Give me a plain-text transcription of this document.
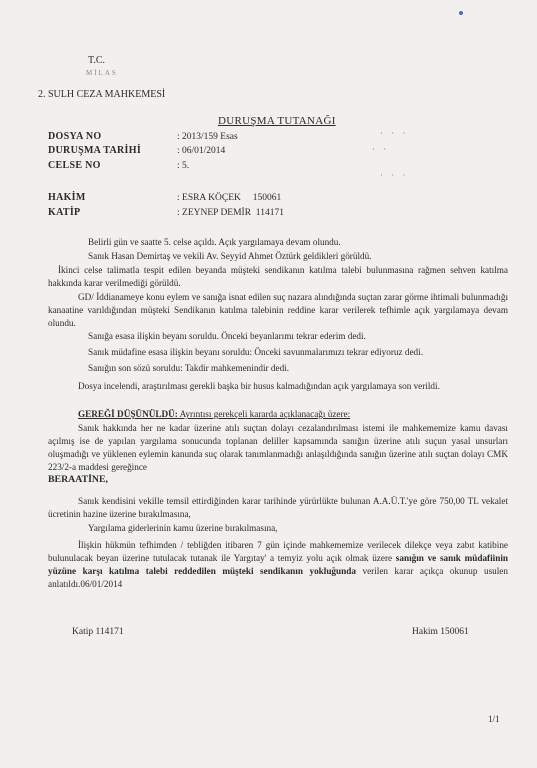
· · ·
· ·
· · ·
T.C.
MİLAS
2. SULH CEZA MAHKEMESİ
DURUŞMA TUTANAĞI
DOSYA NO	: 2013/159 Esas
DURUŞMA TARİHİ	: 06/01/2014
CELSE NO	: 5.
HAKİM	: ESRA KÖÇEK     150061
KATİP	: ZEYNEP DEMİR  114171
Belirli gün ve saatte 5. celse açıldı. Açık yargılamaya devam olundu.
Sanık Hasan Demirtaş ve vekili Av. Seyyid Ahmet Öztürk geldikleri görüldü.
İkinci celse talimatla tespit edilen beyanda müşteki sendikanın katılma talebi bulunmasına rağmen sehven katılma hakkında karar verilmediği görüldü.
GD/ İddianameye konu eylem ve sanığa isnat edilen suç nazara alındığında suçtan zarar görme ihtimali bulunmadığı kanaatine varıldığından müşteki Sendikanın katılma talebinin reddine karar verilerek tefhimle açık yargılamaya devam olundu.
Sanığa esasa ilişkin beyanı soruldu. Önceki beyanlarımı tekrar ederim dedi.
Sanık müdafine esasa ilişkin beyanı soruldu: Önceki savunmalarımızı tekrar ediyoruz dedi.
Sanığın son sözü soruldu: Takdir mahkemenindir dedi.
Dosya incelendi, araştırılması gerekli başka bir husus kalmadığından açık yargılamaya son verildi.
GEREĞİ DÜŞÜNÜLDÜ: Ayrıntısı gerekçeli kararda açıklanacağı üzere:
Sanık hakkında her ne kadar üzerine atılı suçtan dolayı cezalandırılması istemi ile mahkememize kamu davası açılmış ise de yapılan yargılama sonucunda toplanan deliller kapsamında sanığın üzerine atılı suçun yasal unsurları oluşmadığı ve yüklenen eylemin kanunda suç olarak tanımlanmadığı anlaşıldığında sanığın üzerine atılı suçtan dolayı CMK 223/2-a maddesi gereğince
BERAATİNE,
Sanık kendisini vekille temsil ettirdiğinden karar tarihinde yürürlükte bulunan A.A.Ü.T.'ye göre 750,00 TL vekalet ücretinin hazine üzerine bırakılmasına,
Yargılama giderlerinin kamu üzerine bırakılmasına,
İlişkin hükmün tefhimden / tebliğden itibaren 7 gün içinde mahkememize verilecek dilekçe veya zabıt katibine bulunulacak beyan üzerine tutulacak tutanak ile Yargıtay' a temyiz yolu açık olmak üzere sanığın ve sanık müdafiinin yüzüne karşı katılma talebi reddedilen müşteki sendikanın yokluğunda verilen karar açıkça okunup usulen anlatıldı.06/01/2014
Katip 114171	Hakim 150061
1/1
